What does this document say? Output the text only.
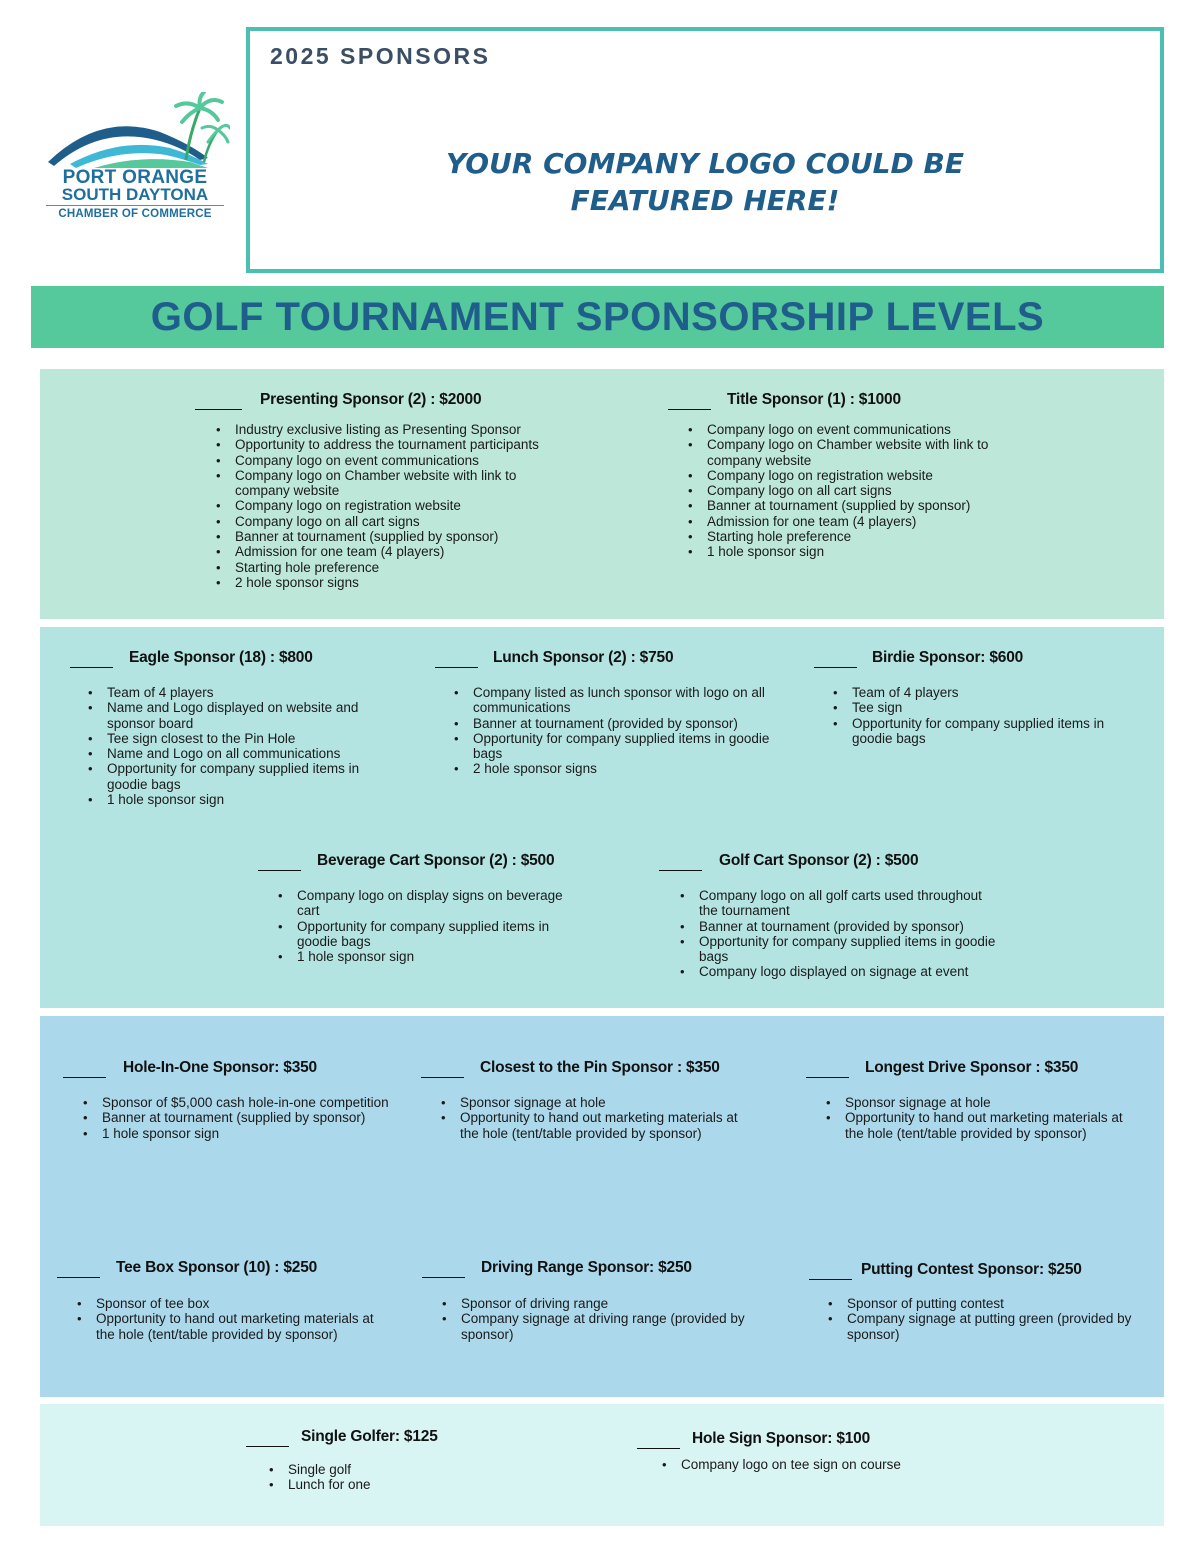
PORT ORANGE
SOUTH DAYTONA
CHAMBER OF COMMERCE
2025 SPONSORS
YOUR COMPANY LOGO COULD BE
FEATURED HERE!
GOLF TOURNAMENT SPONSORSHIP LEVELS
Presenting Sponsor (2) : $2000
• Industry exclusive listing as Presenting Sponsor
• Opportunity to address the tournament participants
• Company logo on event communications
• Company logo on Chamber website with link to company website
• Company logo on registration website
• Company logo on all cart signs
• Banner at tournament (supplied by sponsor)
• Admission for one team (4 players)
• Starting hole preference
• 2 hole sponsor signs
Title Sponsor (1) : $1000
• Company logo on event communications
• Company logo on Chamber website with link to company website
• Company logo on registration website
• Company logo on all cart signs
• Banner at tournament (supplied by sponsor)
• Admission for one team (4 players)
• Starting hole preference
• 1 hole sponsor sign
Eagle Sponsor (18) : $800
• Team of 4 players
• Name and Logo displayed on website and sponsor board
• Tee sign closest to the Pin Hole
• Name and Logo on all communications
• Opportunity for company supplied items in goodie bags
• 1 hole sponsor sign
Lunch Sponsor (2) : $750
• Company listed as lunch sponsor with logo on all communications
• Banner at tournament (provided by sponsor)
• Opportunity for company supplied items in goodie bags
• 2 hole sponsor signs
Birdie Sponsor: $600
• Team of 4 players
• Tee sign
• Opportunity for company supplied items in goodie bags
Beverage Cart Sponsor (2) : $500
• Company logo on display signs on beverage cart
• Opportunity for company supplied items in goodie bags
• 1 hole sponsor sign
Golf Cart Sponsor (2) : $500
• Company logo on all golf carts used throughout the tournament
• Banner at tournament (provided by sponsor)
• Opportunity for company supplied items in goodie bags
• Company logo displayed on signage at event
Hole-In-One Sponsor: $350
• Sponsor of $5,000 cash hole-in-one competition
• Banner at tournament (supplied by sponsor)
• 1 hole sponsor sign
Closest to the Pin Sponsor : $350
• Sponsor signage at hole
• Opportunity to hand out marketing materials at the hole (tent/table provided by sponsor)
Longest Drive Sponsor : $350
• Sponsor signage at hole
• Opportunity to hand out marketing materials at the hole (tent/table provided by sponsor)
Tee Box Sponsor (10) : $250
• Sponsor of tee box
• Opportunity to hand out marketing materials at the hole (tent/table provided by sponsor)
Driving Range Sponsor: $250
• Sponsor of driving range
• Company signage at driving range (provided by sponsor)
Putting Contest Sponsor: $250
• Sponsor of putting contest
• Company signage at putting green (provided by sponsor)
Single Golfer: $125
• Single golf
• Lunch for one
Hole Sign Sponsor: $100
• Company logo on tee sign on course
